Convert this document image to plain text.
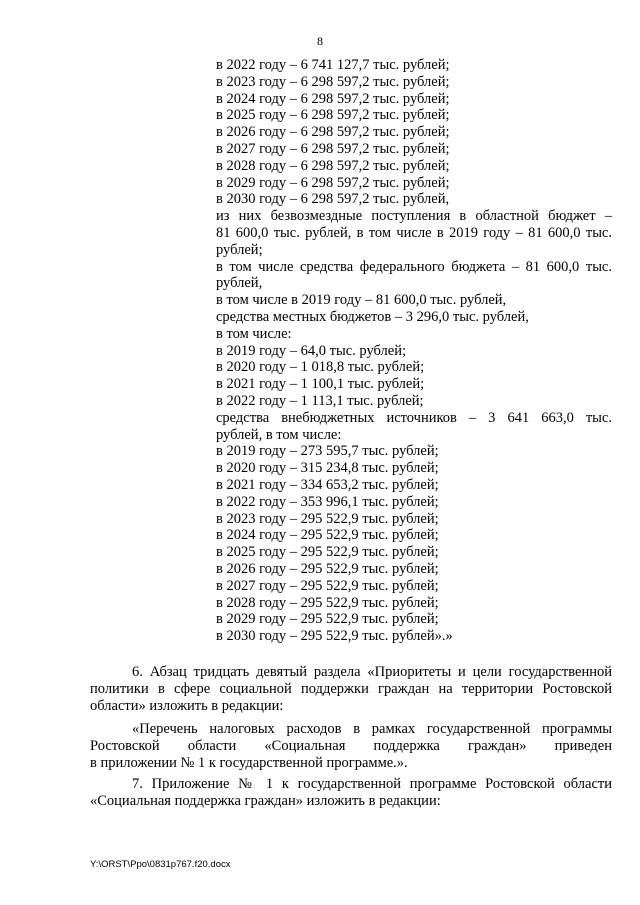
8
в 2022 году – 6 741 127,7 тыс. рублей;
в 2023 году – 6 298 597,2 тыс. рублей;
в 2024 году – 6 298 597,2 тыс. рублей;
в 2025 году – 6 298 597,2 тыс. рублей;
в 2026 году – 6 298 597,2 тыс. рублей;
в 2027 году – 6 298 597,2 тыс. рублей;
в 2028 году – 6 298 597,2 тыс. рублей;
в 2029 году – 6 298 597,2 тыс. рублей;
в 2030 году – 6 298 597,2 тыс. рублей,
из них безвозмездные поступления в областной бюджет –
81 600,0 тыс. рублей, в том числе в 2019 году – 81 600,0 тыс.
рублей;
в том числе средства федерального бюджета – 81 600,0 тыс.
рублей,
в том числе в 2019 году – 81 600,0 тыс. рублей,
средства местных бюджетов – 3 296,0 тыс. рублей,
в том числе:
в 2019 году – 64,0 тыс. рублей;
в 2020 году – 1 018,8 тыс. рублей;
в 2021 году – 1 100,1 тыс. рублей;
в 2022 году – 1 113,1 тыс. рублей;
средства внебюджетных источников – 3 641 663,0 тыс.
рублей, в том числе:
в 2019 году – 273 595,7 тыс. рублей;
в 2020 году – 315 234,8 тыс. рублей;
в 2021 году – 334 653,2 тыс. рублей;
в 2022 году – 353 996,1 тыс. рублей;
в 2023 году – 295 522,9 тыс. рублей;
в 2024 году – 295 522,9 тыс. рублей;
в 2025 году – 295 522,9 тыс. рублей;
в 2026 году – 295 522,9 тыс. рублей;
в 2027 году – 295 522,9 тыс. рублей;
в 2028 году – 295 522,9 тыс. рублей;
в 2029 году – 295 522,9 тыс. рублей;
в 2030 году – 295 522,9 тыс. рублей».»
6. Абзац тридцать девятый раздела «Приоритеты и цели государственной
политики в сфере социальной поддержки граждан на территории Ростовской
области» изложить в редакции:
«Перечень налоговых расходов в рамках государственной программы
Ростовской области «Социальная поддержка граждан» приведен
в приложении № 1 к государственной программе.».
7. Приложение № 1 к государственной программе Ростовской области
«Социальная поддержка граждан» изложить в редакции:
Y:\ORST\Ppo\0831p767.f20.docx
